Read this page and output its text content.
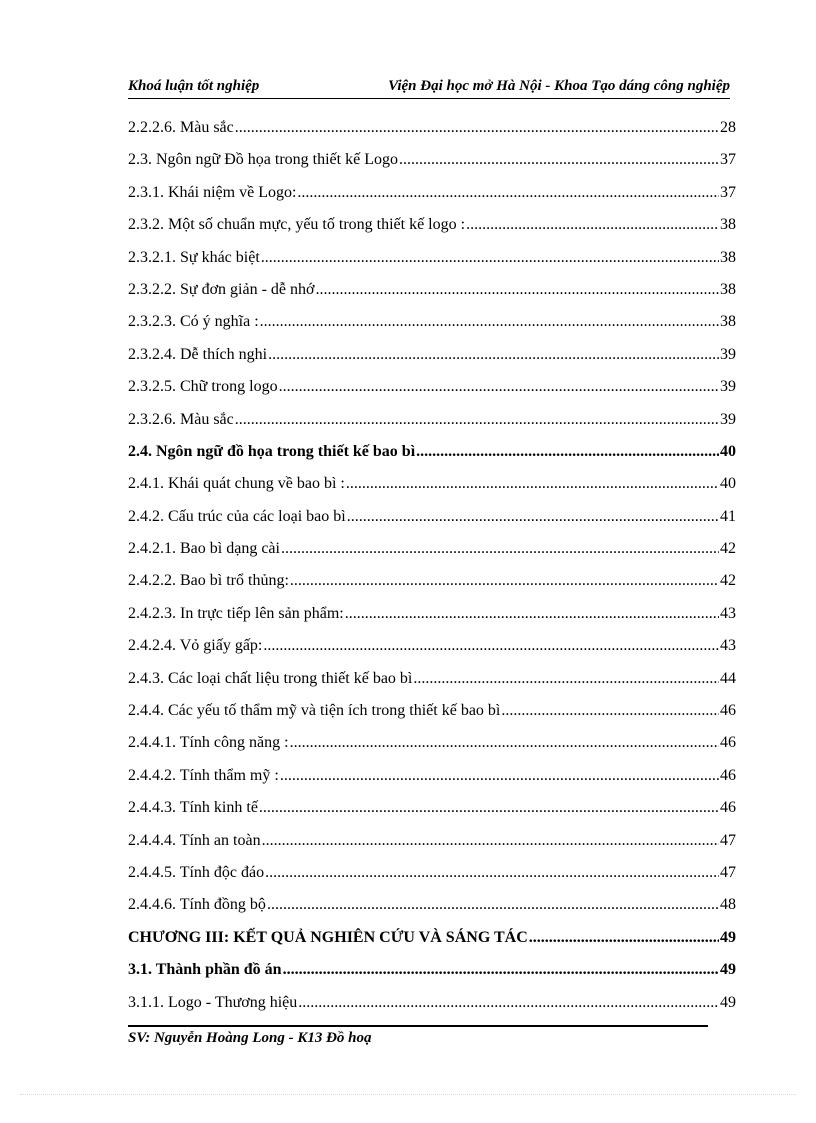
Khoá luận tốt nghiệp	Viện Đại học mở Hà Nội - Khoa Tạo dáng công nghiệp
2.2.2.6. Màu sắc .....	28
2.3. Ngôn ngữ Đồ họa trong thiết kế Logo .....	37
2.3.1. Khái niệm về Logo: .....	37
2.3.2. Một số chuẩn mực, yếu tố trong thiết kế logo : .....	38
2.3.2.1. Sự khác biệt .....	38
2.3.2.2. Sự đơn giản - dễ nhớ .....	38
2.3.2.3. Có ý nghĩa : .....	38
2.3.2.4. Dễ thích nghi .....	39
2.3.2.5. Chữ trong logo .....	39
2.3.2.6. Màu sắc .....	39
2.4. Ngôn ngữ đồ họa trong thiết kế bao bì .....	40
2.4.1. Khái quát chung về bao bì : .....	40
2.4.2. Cấu trúc của các loại bao bì .....	41
2.4.2.1. Bao bì dạng cài .....	42
2.4.2.2. Bao bì trổ thủng: .....	42
2.4.2.3. In trực tiếp lên sản phẩm: .....	43
2.4.2.4. Vỏ giấy gấp: .....	43
2.4.3. Các loại chất liệu trong thiết kế bao bì .....	44
2.4.4. Các yếu tố thẩm mỹ và tiện ích trong thiết kế bao bì .....	46
2.4.4.1. Tính công năng : .....	46
2.4.4.2. Tính thẩm mỹ : .....	46
2.4.4.3. Tính kinh tế .....	46
2.4.4.4. Tính an toàn .....	47
2.4.4.5. Tính độc đáo .....	47
2.4.4.6. Tính đồng bộ .....	48
CHƯƠNG III: KẾT QUẢ NGHIÊN CỨU VÀ SÁNG TÁC .....	49
3.1. Thành phần đồ án .....	49
3.1.1. Logo - Thương hiệu .....	49
SV: Nguyễn Hoàng Long - K13 Đồ hoạ
